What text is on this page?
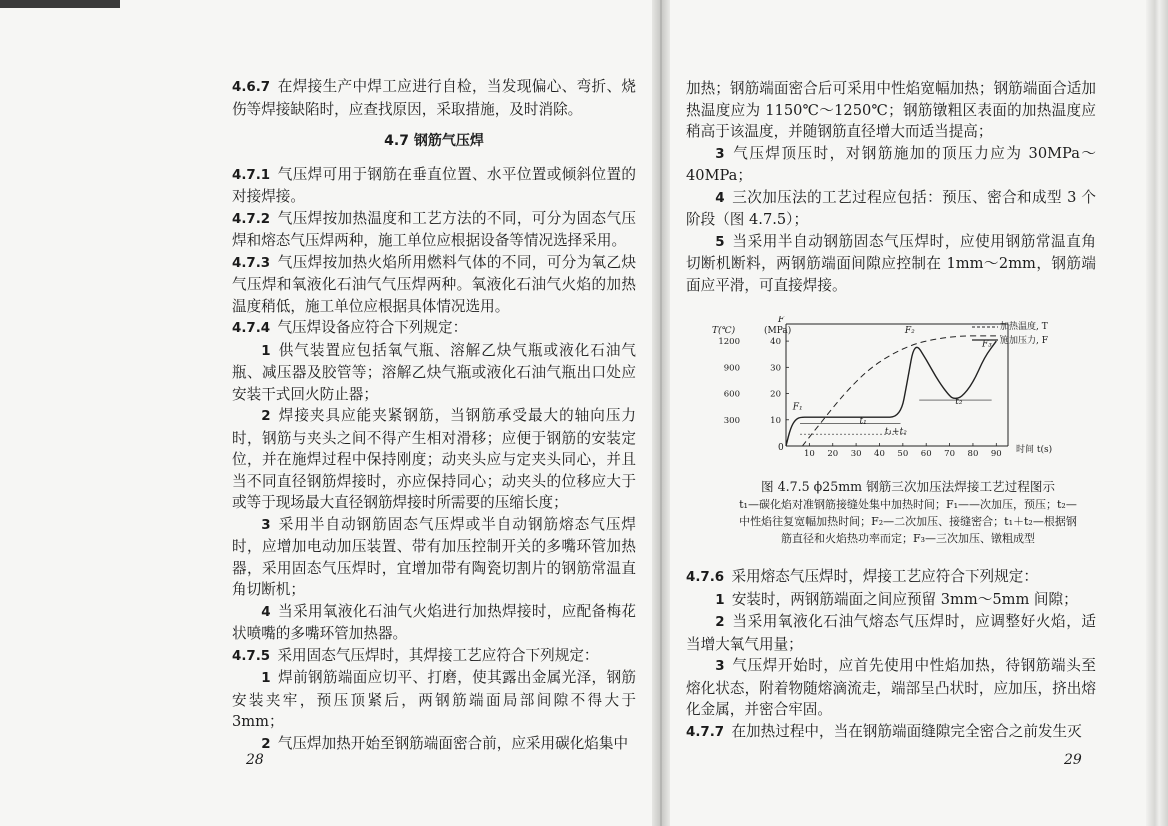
4.6.7  在焊接生产中焊工应进行自检，当发现偏心、弯折、烧伤等焊接缺陷时，应查找原因，采取措施，及时消除。
4.7 钢筋气压焊
4.7.1  气压焊可用于钢筋在垂直位置、水平位置或倾斜位置的对接焊接。
4.7.2  气压焊按加热温度和工艺方法的不同，可分为固态气压焊和熔态气压焊两种，施工单位应根据设备等情况选择采用。
4.7.3  气压焊按加热火焰所用燃料气体的不同，可分为氧乙炔气压焊和氧液化石油气气压焊两种。氧液化石油气火焰的加热温度稍低，施工单位应根据具体情况选用。
4.7.4  气压焊设备应符合下列规定：
1  供气装置应包括氧气瓶、溶解乙炔气瓶或液化石油气瓶、减压器及胶管等；溶解乙炔气瓶或液化石油气瓶出口处应安装干式回火防止器；
2  焊接夹具应能夹紧钢筋，当钢筋承受最大的轴向压力时，钢筋与夹头之间不得产生相对滑移；应便于钢筋的安装定位，并在施焊过程中保持刚度；动夹头应与定夹头同心，并且当不同直径钢筋焊接时，亦应保持同心；动夹头的位移应大于或等于现场最大直径钢筋焊接时所需要的压缩长度；
3  采用半自动钢筋固态气压焊或半自动钢筋熔态气压焊时，应增加电动加压装置、带有加压控制开关的多嘴环管加热器，采用固态气压焊时，宜增加带有陶瓷切割片的钢筋常温直角切断机；
4  当采用氧液化石油气火焰进行加热焊接时，应配备梅花状喷嘴的多嘴环管加热器。
4.7.5  采用固态气压焊时，其焊接工艺应符合下列规定：
1  焊前钢筋端面应切平、打磨，使其露出金属光泽，钢筋安装夹牢，预压顶紧后，两钢筋端面局部间隙不得大于 3mm；
2  气压焊加热开始至钢筋端面密合前，应采用碳化焰集中
28
加热；钢筋端面密合后可采用中性焰宽幅加热；钢筋端面合适加热温度应为 1150℃～1250℃；钢筋镦粗区表面的加热温度应稍高于该温度，并随钢筋直径增大而适当提高；
3  气压焊顶压时，对钢筋施加的顶压力应为 30MPa～40MPa；
4  三次加压法的工艺过程应包括：预压、密合和成型 3 个阶段（图 4.7.5）；
5  当采用半自动钢筋固态气压焊时，应使用钢筋常温直角切断机断料，两钢筋端面间隙应控制在 1mm～2mm，钢筋端面应平滑，可直接焊接。
T(℃)
F
(MPa)
时间 t(s)
0
10 20 30 40 50 60 70 80 90
10
300
20
600
30
900
40
1200
F₁
F₂
F₃
t₁
t₁+t₂
t₂
加热温度, T
施加压力, F
图 4.7.5 ϕ25mm 钢筋三次加压法焊接工艺过程图示
t₁—碳化焰对准钢筋接缝处集中加热时间；F₁——次加压，预压；t₂—
中性焰往复宽幅加热时间；F₂—二次加压、接缝密合；t₁＋t₂—根据钢
筋直径和火焰热功率而定；F₃—三次加压、镦粗成型
4.7.6  采用熔态气压焊时，焊接工艺应符合下列规定：
1  安装时，两钢筋端面之间应预留 3mm～5mm 间隙；
2  当采用氧液化石油气熔态气压焊时，应调整好火焰，适当增大氧气用量；
3  气压焊开始时，应首先使用中性焰加热，待钢筋端头至熔化状态，附着物随熔滴流走，端部呈凸状时，应加压，挤出熔化金属，并密合牢固。
4.7.7  在加热过程中，当在钢筋端面缝隙完全密合之前发生灭
29
